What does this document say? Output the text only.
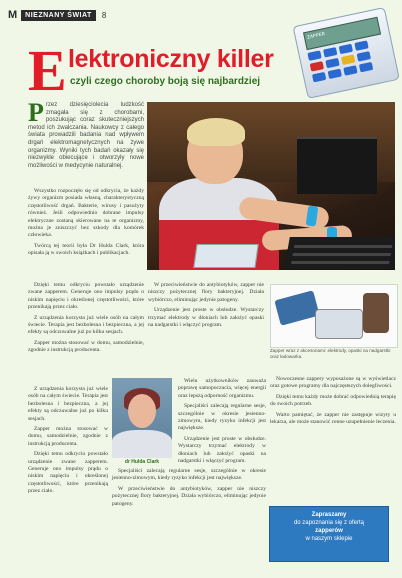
M	NIEZNANY ŚWIAT	8
E lektroniczny killer
czyli czego choroby boją się najbardziej
ZAPPER
P rzez dziesięciolecia ludzkość zmagała się z chorobami, poszukując coraz skuteczniejszych metod ich zwalczania. Naukowcy z całego świata prowadzili badania nad wpływem drgań elektromagnetycznych na żywe organizmy. Wyniki tych badań okazały się niezwykle obiecujące i otworzyły nowe możliwości w medycynie naturalnej.

Wszystko rozpoczęło się od odkrycia, że każdy żywy organizm posiada własną, charakterystyczną częstotliwość drgań. Bakterie, wirusy i pasożyty również. Jeśli odpowiednio dobrane impulsy elektryczne zostaną skierowane na te organizmy, można je zniszczyć bez szkody dla komórek człowieka.

Twórcą tej teorii była Dr Hulda Clark, która opisała ją w swoich książkach i publikacjach.

Dzięki temu odkryciu powstało urządzenie zwane zapperem. Generuje ono impulsy prądu o niskim napięciu i określonej częstotliwości, które przenikają przez ciało.

Z urządzenia korzysta już wiele osób na całym świecie. Terapia jest bezbolesna i bezpieczna, a jej efekty są odczuwalne już po kilku sesjach.

Zapper można stosować w domu, samodzielnie, zgodnie z instrukcją producenta.

Z urządzenia korzysta już wiele osób na całym świecie. Terapia jest bezbolesna i bezpieczna, a jej efekty są odczuwalne już po kilku sesjach.

Zapper można stosować w domu, samodzielnie, zgodnie z instrukcją producenta.

Dzięki temu odkryciu powstało urządzenie zwane zapperem. Generuje ono impulsy prądu o niskim napięciu i określonej częstotliwości, które przenikają przez ciało.

W przeciwieństwie do antybiotyków, zapper nie niszczy pożytecznej flory bakteryjnej. Działa wybiórczo, eliminując jedynie patogeny.

Urządzenie jest proste w obsłudze. Wystarczy trzymać elektrody w dłoniach lub założyć opaski na nadgarstki i włączyć program.

Wielu użytkowników zauważa poprawę samopoczucia, więcej energii oraz lepszą odporność organizmu.

Specjaliści zalecają regularne sesje, szczególnie w okresie jesienno-zimowym, kiedy ryzyko infekcji jest największe.

Urządzenie jest proste w obsłudze. Wystarczy trzymać elektrody w dłoniach lub założyć opaski na nadgarstki i włączyć program.

Specjaliści zalecają regularne sesje, szczególnie w okresie jesienno-zimowym, kiedy ryzyko infekcji jest największe.

W przeciwieństwie do antybiotyków, zapper nie niszczy pożytecznej flory bakteryjnej. Działa wybiórczo, eliminując jedynie patogeny.

dr Hulda Clark
Zapper wraz z akcesoriami: elektrody, opaski na nadgarstki oraz ładowarka.

Nowoczesne zappery wyposażone są w wyświetlacz oraz gotowe programy dla najczęstszych dolegliwości.

Dzięki temu każdy może dobrać odpowiednią terapię do swoich potrzeb.

Warto pamiętać, że zapper nie zastępuje wizyty u lekarza, ale może stanowić cenne uzupełnienie leczenia.

Zapraszamy
do zapoznania się z ofertą
zapperów
w naszym sklepie
